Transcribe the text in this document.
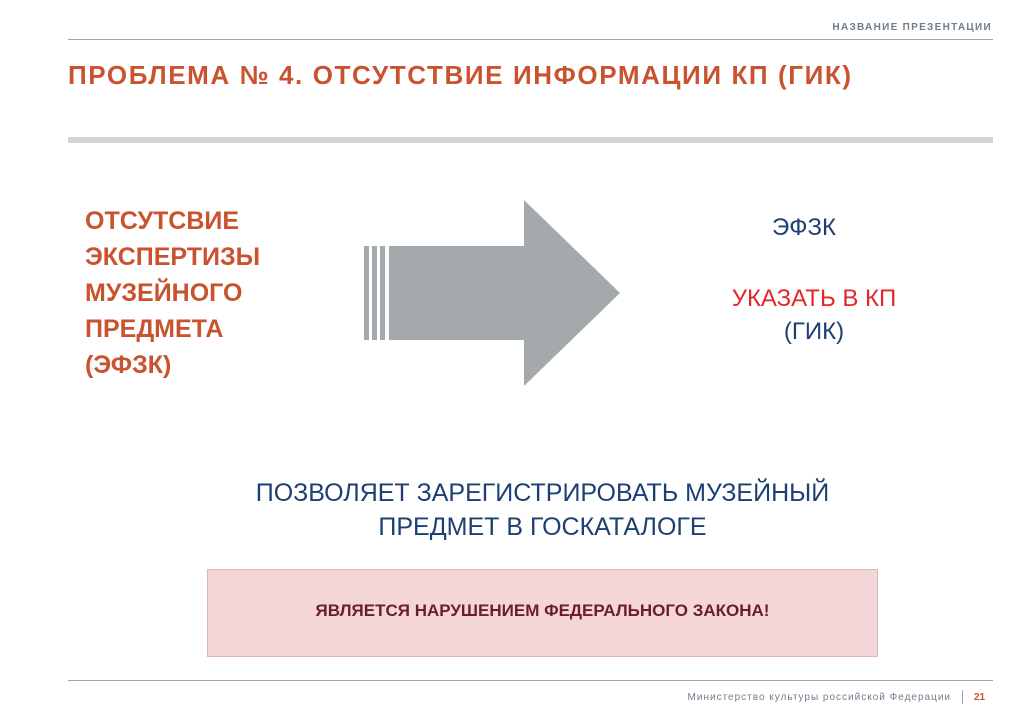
НАЗВАНИЕ ПРЕЗЕНТАЦИИ
ПРОБЛЕМА № 4. ОТСУТСТВИЕ ИНФОРМАЦИИ КП (ГИК)
ОТСУТСВИЕ
ЭКСПЕРТИЗЫ
МУЗЕЙНОГО
ПРЕДМЕТА
(ЭФЗК)
ЭФЗК
УКАЗАТЬ В КП
(ГИК)
ПОЗВОЛЯЕТ ЗАРЕГИСТРИРОВАТЬ МУЗЕЙНЫЙ
ПРЕДМЕТ В ГОСКАТАЛОГЕ
ЯВЛЯЕТСЯ НАРУШЕНИЕМ ФЕДЕРАЛЬНОГО ЗАКОНА!
Министерство культуры российской Федерации 21
